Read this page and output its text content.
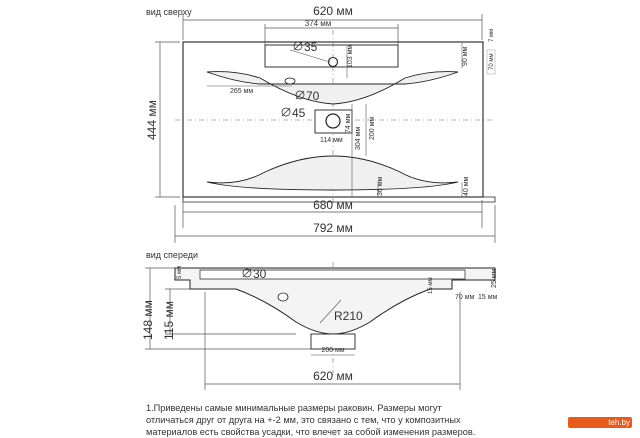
вид сверху	620 мм
374 мм
35
70
45
103 мм	90 мм	70 мм
7 мм
265 мм
74 мм
114 мм
200 мм
304 мм
36 мм	40 мм
444 мм
680 мм
792 мм
вид спереди
30
5 мм
15 мм	25 мм
70 мм 15 мм
R210
148 мм 115 мм
200 мм
620 мм

1.Приведены самые минимальные размеры раковин. Размеры могут

отличаться друг от друга на +-2 мм, это связано с тем, что у композитных

материалов есть свойства усадки, что влечет за собой изменения размеров.

teh.by
